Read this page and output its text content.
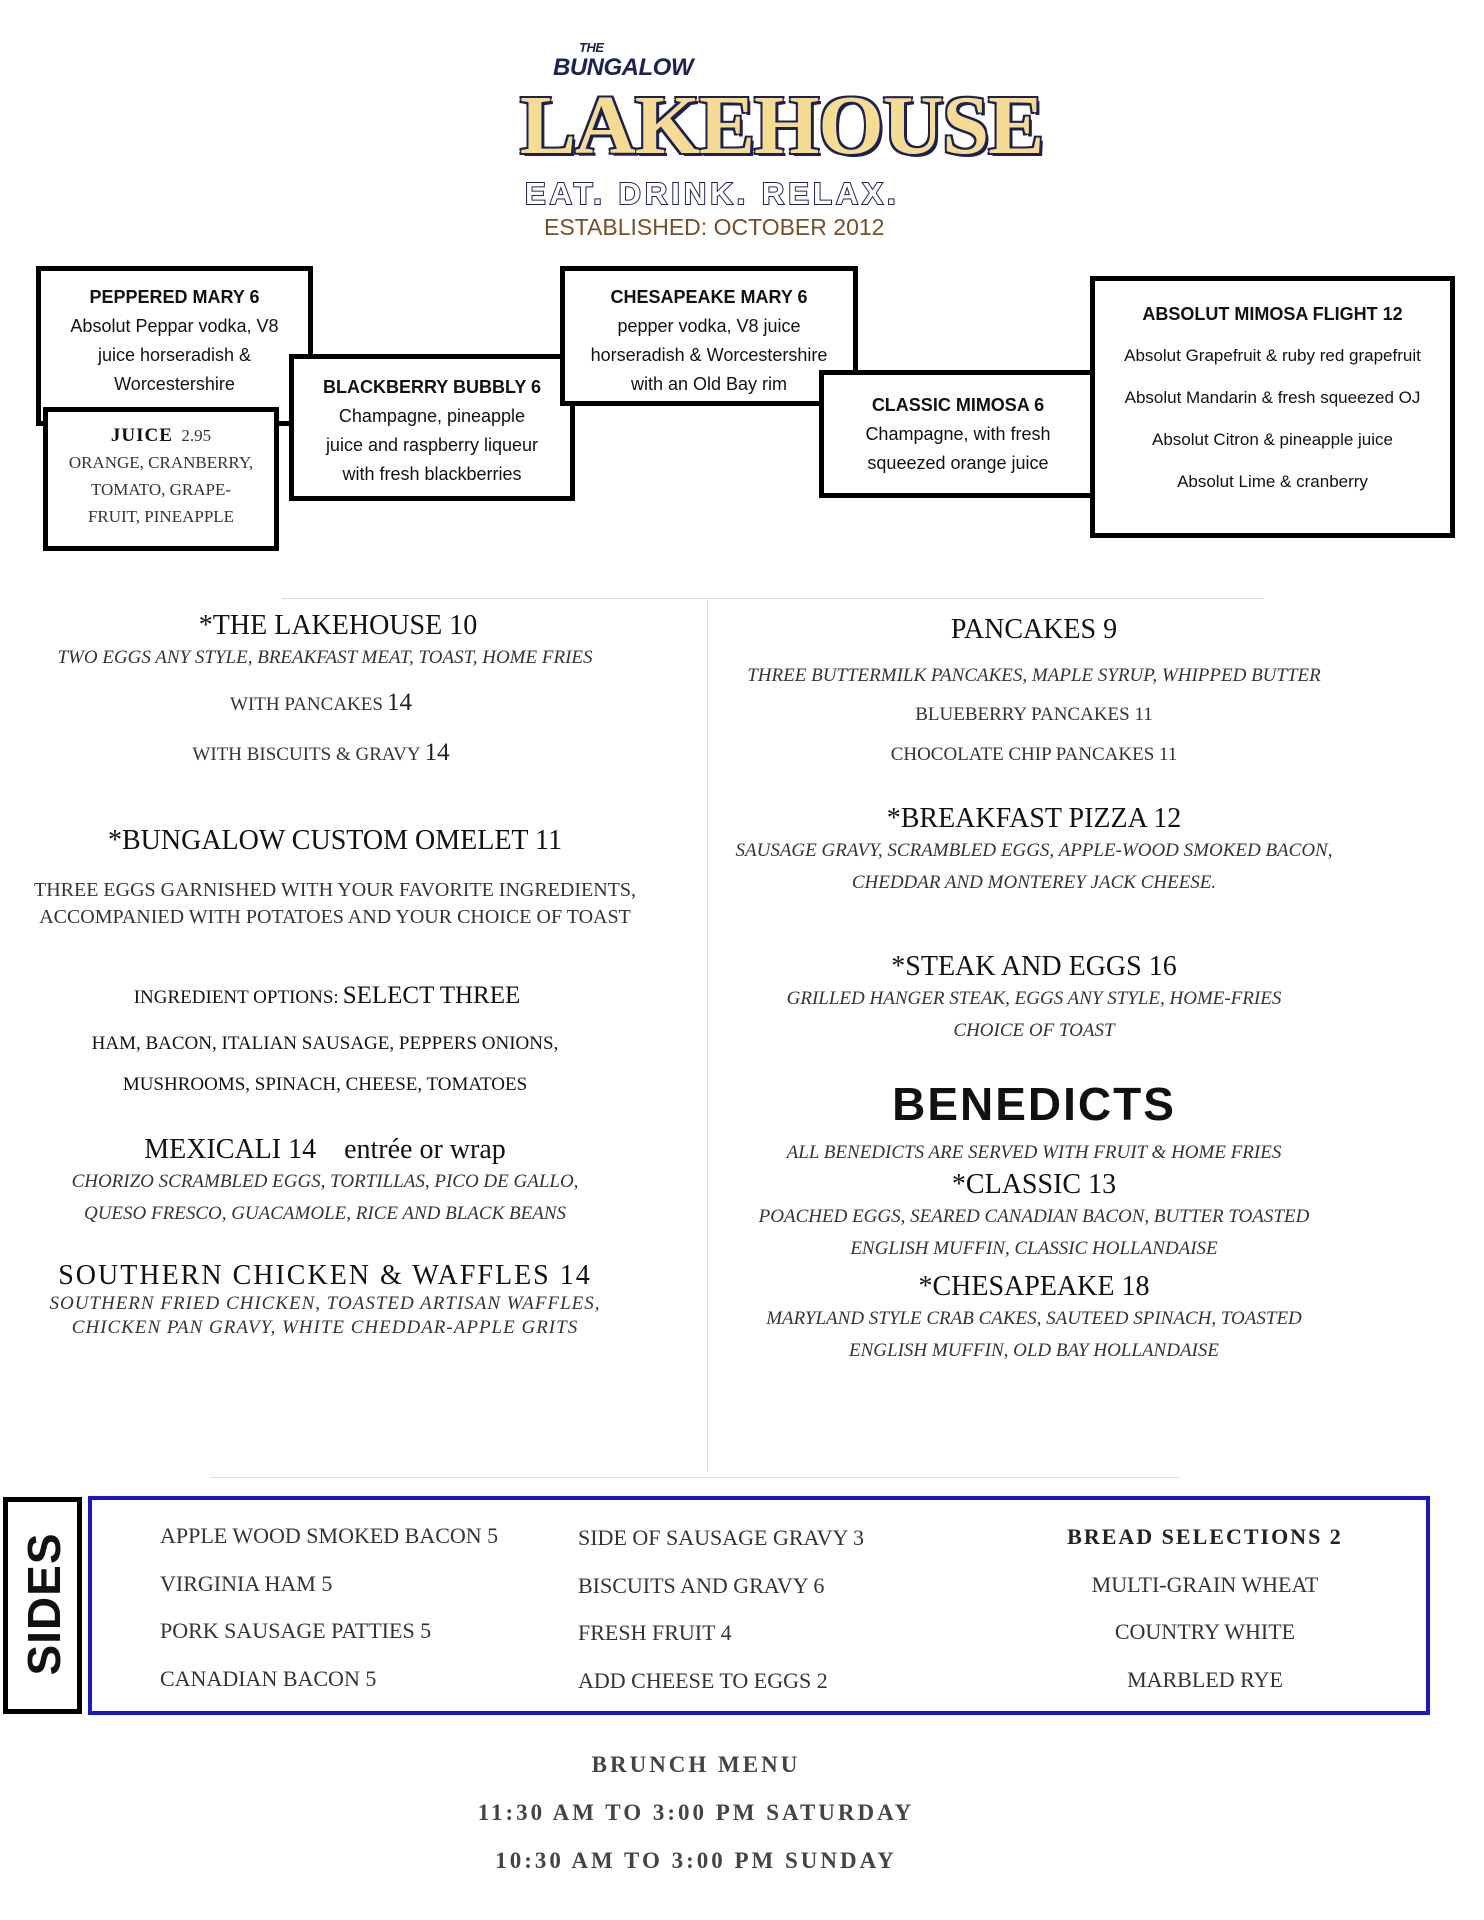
THE
BUNGALOW
LAKEHOUSE
EAT. DRINK. RELAX.
ESTABLISHED: OCTOBER 2012
PEPPERED MARY 6
Absolut Peppar vodka, V8
juice horseradish &
Worcestershire
JUICE 2.95
ORANGE, CRANBERRY,
TOMATO, GRAPE-
FRUIT, PINEAPPLE
BLACKBERRY BUBBLY 6
Champagne, pineapple
juice and raspberry liqueur
with fresh blackberries
CHESAPEAKE MARY 6
pepper vodka, V8 juice
horseradish & Worcestershire
with an Old Bay rim
CLASSIC MIMOSA 6
Champagne, with fresh
squeezed orange juice
ABSOLUT MIMOSA FLIGHT 12
Absolut Grapefruit & ruby red grapefruit
Absolut Mandarin & fresh squeezed OJ
Absolut Citron & pineapple juice
Absolut Lime & cranberry
*THE LAKEHOUSE 10
TWO EGGS ANY STYLE, BREAKFAST MEAT, TOAST, HOME FRIES
WITH PANCAKES 14
WITH BISCUITS & GRAVY 14
*BUNGALOW CUSTOM OMELET 11
THREE EGGS GARNISHED WITH YOUR FAVORITE INGREDIENTS,
ACCOMPANIED WITH POTATOES AND YOUR CHOICE OF TOAST
INGREDIENT OPTIONS: SELECT THREE
HAM, BACON, ITALIAN SAUSAGE, PEPPERS ONIONS,
MUSHROOMS, SPINACH, CHEESE, TOMATOES
MEXICALI 14 entrée or wrap
CHORIZO SCRAMBLED EGGS, TORTILLAS, PICO DE GALLO,
QUESO FRESCO, GUACAMOLE, RICE AND BLACK BEANS
SOUTHERN CHICKEN & WAFFLES 14
SOUTHERN FRIED CHICKEN, TOASTED ARTISAN WAFFLES,
CHICKEN PAN GRAVY, WHITE CHEDDAR-APPLE GRITS
PANCAKES 9
THREE BUTTERMILK PANCAKES, MAPLE SYRUP, WHIPPED BUTTER
BLUEBERRY PANCAKES 11
CHOCOLATE CHIP PANCAKES 11
*BREAKFAST PIZZA 12
SAUSAGE GRAVY, SCRAMBLED EGGS, APPLE-WOOD SMOKED BACON,
CHEDDAR AND MONTEREY JACK CHEESE.
*STEAK AND EGGS 16
GRILLED HANGER STEAK, EGGS ANY STYLE, HOME-FRIES
CHOICE OF TOAST
BENEDICTS
ALL BENEDICTS ARE SERVED WITH FRUIT & HOME FRIES
*CLASSIC 13
POACHED EGGS, SEARED CANADIAN BACON, BUTTER TOASTED
ENGLISH MUFFIN, CLASSIC HOLLANDAISE
*CHESAPEAKE 18
MARYLAND STYLE CRAB CAKES, SAUTEED SPINACH, TOASTED
ENGLISH MUFFIN, OLD BAY HOLLANDAISE
SIDES	APPLE WOOD SMOKED BACON 5
VIRGINIA HAM 5
PORK SAUSAGE PATTIES 5
CANADIAN BACON 5
SIDE OF SAUSAGE GRAVY 3
BISCUITS AND GRAVY 6
FRESH FRUIT 4
ADD CHEESE TO EGGS 2
BREAD SELECTIONS 2
MULTI-GRAIN WHEAT
COUNTRY WHITE
MARBLED RYE
BRUNCH MENU
11:30 AM TO 3:00 PM SATURDAY
10:30 AM TO 3:00 PM SUNDAY
